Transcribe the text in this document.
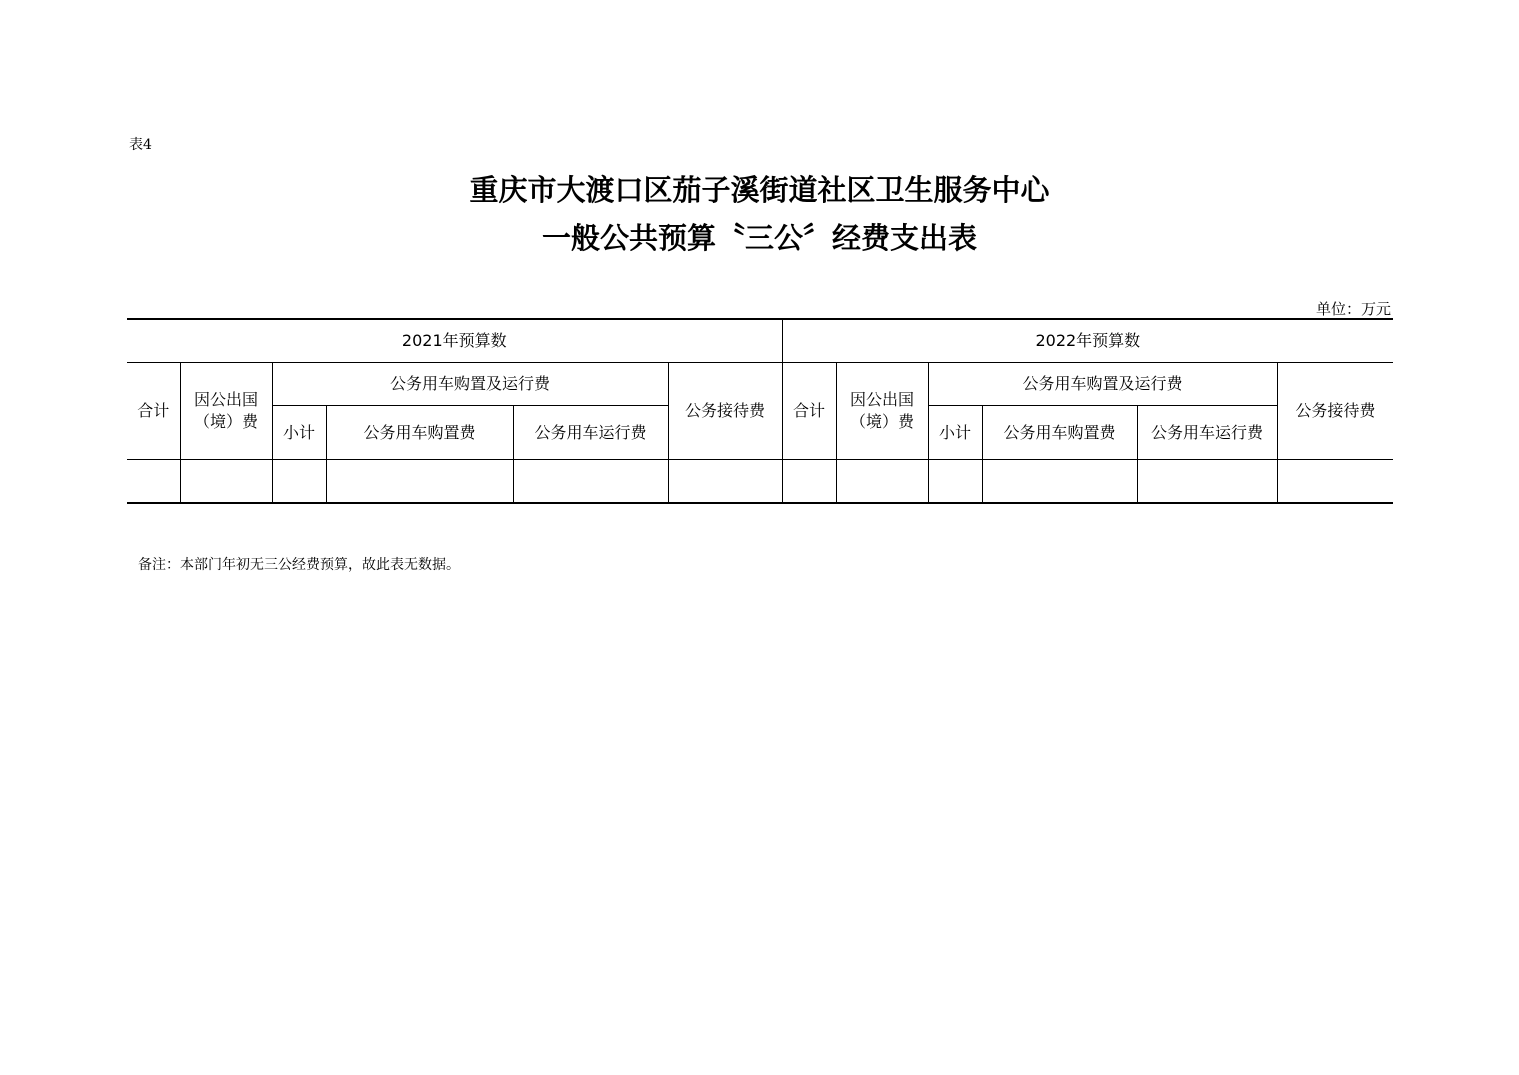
表4
重庆市大渡口区茄子溪街道社区卫生服务中心
一般公共预算〝三公〞经费支出表
单位：万元
2021年预算数						2022年预算数					
合计	因公出国（境）费	公务用车购置及运行费			公务接待费	合计	因公出国（境）费	公务用车购置及运行费			公务接待费
		小计	公务用车购置费	公务用车运行费				小计	公务用车购置费	公务用车运行费	

备注：本部门年初无三公经费预算，故此表无数据。
